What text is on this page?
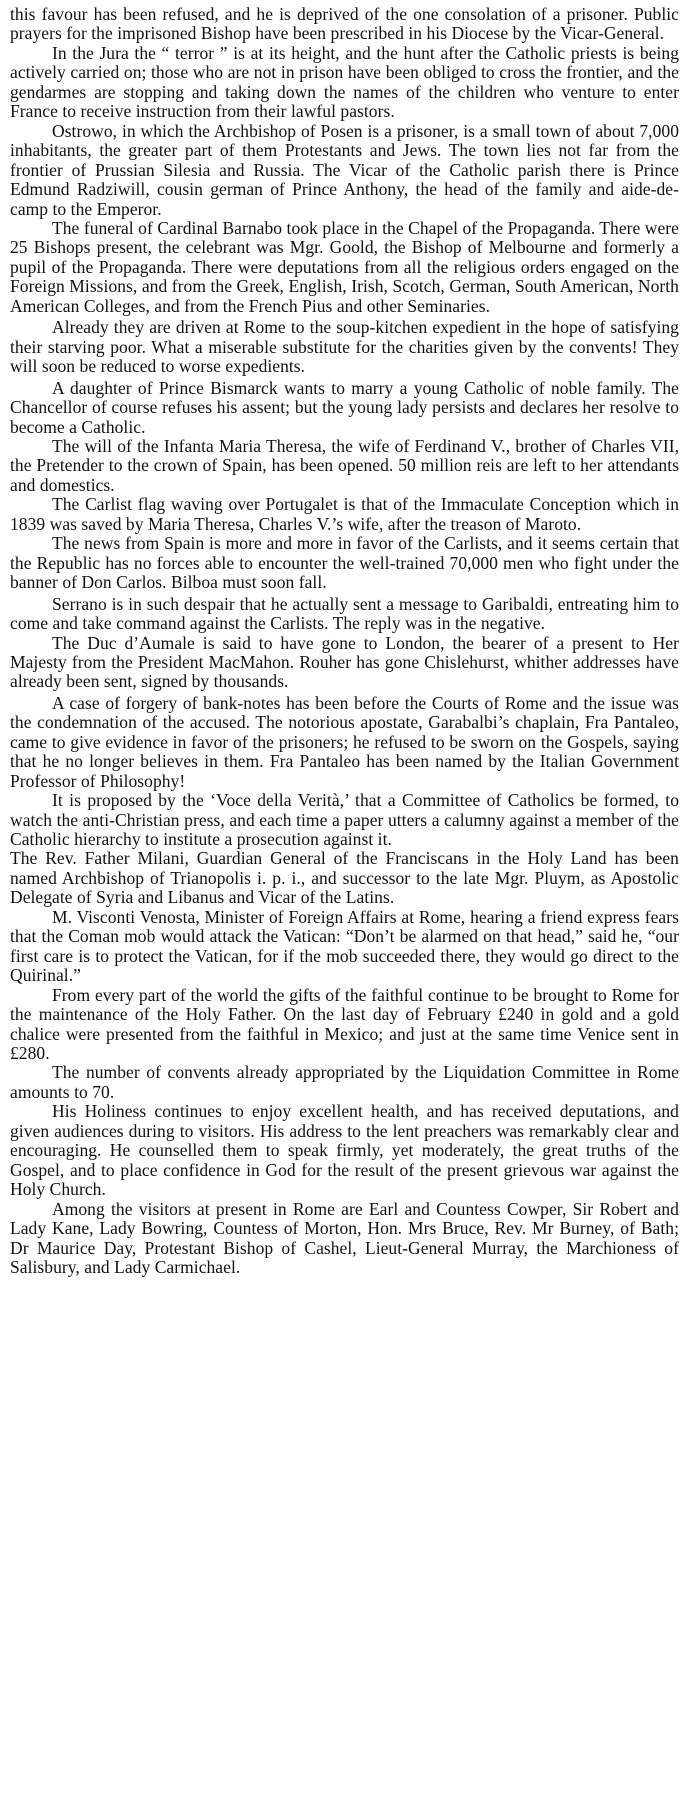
this favour has been refused, and he is deprived of the one consolation of a prisoner. Public prayers for the imprisoned Bishop have been prescribed in his Diocese by the Vicar-General.

In the Jura the “ terror ” is at its height, and the hunt after the Catholic priests is being actively carried on; those who are not in prison have been obliged to cross the frontier, and the gendarmes are stopping and taking down the names of the children who venture to enter France to receive instruction from their lawful pastors.

Ostrowo, in which the Archbishop of Posen is a prisoner, is a small town of about 7,000 inhabitants, the greater part of them Protestants and Jews. The town lies not far from the frontier of Prussian Silesia and Russia. The Vicar of the Catholic parish there is Prince Edmund Radziwill, cousin german of Prince Anthony, the head of the family and aide-de-camp to the Emperor.

The funeral of Cardinal Barnabo took place in the Chapel of the Propaganda. There were 25 Bishops present, the celebrant was Mgr. Goold, the Bishop of Melbourne and formerly a pupil of the Propaganda. There were deputations from all the religious orders engaged on the Foreign Missions, and from the Greek, English, Irish, Scotch, German, South American, North American Colleges, and from the French Pius and other Seminaries.

Already they are driven at Rome to the soup-kitchen expedient in the hope of satisfying their starving poor. What a miserable substitute for the charities given by the convents! They will soon be reduced to worse expedients.

A daughter of Prince Bismarck wants to marry a young Catholic of noble family. The Chancellor of course refuses his assent; but the young lady persists and declares her resolve to become a Catholic.

The will of the Infanta Maria Theresa, the wife of Ferdinand V., brother of Charles VII, the Pretender to the crown of Spain, has been opened. 50 million reis are left to her attendants and domestics.

The Carlist flag waving over Portugalet is that of the Immaculate Conception which in 1839 was saved by Maria Theresa, Charles V.’s wife, after the treason of Maroto.

The news from Spain is more and more in favor of the Carlists, and it seems certain that the Republic has no forces able to encounter the well-trained 70,000 men who fight under the banner of Don Carlos. Bilboa must soon fall.

Serrano is in such despair that he actually sent a message to Garibaldi, entreating him to come and take command against the Carlists. The reply was in the negative.

The Duc d’Aumale is said to have gone to London, the bearer of a present to Her Majesty from the President MacMahon. Rouher has gone Chislehurst, whither addresses have already been sent, signed by thousands.

A case of forgery of bank-notes has been before the Courts of Rome and the issue was the condemnation of the accused. The notorious apostate, Garabalbi’s chaplain, Fra Pantaleo, came to give evidence in favor of the prisoners; he refused to be sworn on the Gospels, saying that he no longer believes in them. Fra Pantaleo has been named by the Italian Government Professor of Philosophy!

It is proposed by the ‘Voce della Verità,’ that a Committee of Catholics be formed, to watch the anti-Christian press, and each time a paper utters a calumny against a member of the Catholic hierarchy to institute a prosecution against it.

The Rev. Father Milani, Guardian General of the Franciscans in the Holy Land has been named Archbishop of Trianopolis i. p. i., and successor to the late Mgr. Pluym, as Apostolic Delegate of Syria and Libanus and Vicar of the Latins.

M. Visconti Venosta, Minister of Foreign Affairs at Rome, hearing a friend express fears that the Coman mob would attack the Vatican: “Don’t be alarmed on that head,” said he, “our first care is to protect the Vatican, for if the mob succeeded there, they would go direct to the Quirinal.”

From every part of the world the gifts of the faithful continue to be brought to Rome for the maintenance of the Holy Father. On the last day of February £240 in gold and a gold chalice were presented from the faithful in Mexico; and just at the same time Venice sent in £280.

The number of convents already appropriated by the Liquidation Committee in Rome amounts to 70.

His Holiness continues to enjoy excellent health, and has received deputations, and given audiences during to visitors. His address to the lent preachers was remarkably clear and encouraging. He counselled them to speak firmly, yet moderately, the great truths of the Gospel, and to place confidence in God for the result of the present grievous war against the Holy Church.

Among the visitors at present in Rome are Earl and Countess Cowper, Sir Robert and Lady Kane, Lady Bowring, Countess of Morton, Hon. Mrs Bruce, Rev. Mr Burney, of Bath; Dr Maurice Day, Protestant Bishop of Cashel, Lieut-General Murray, the Marchioness of Salisbury, and Lady Carmichael.
